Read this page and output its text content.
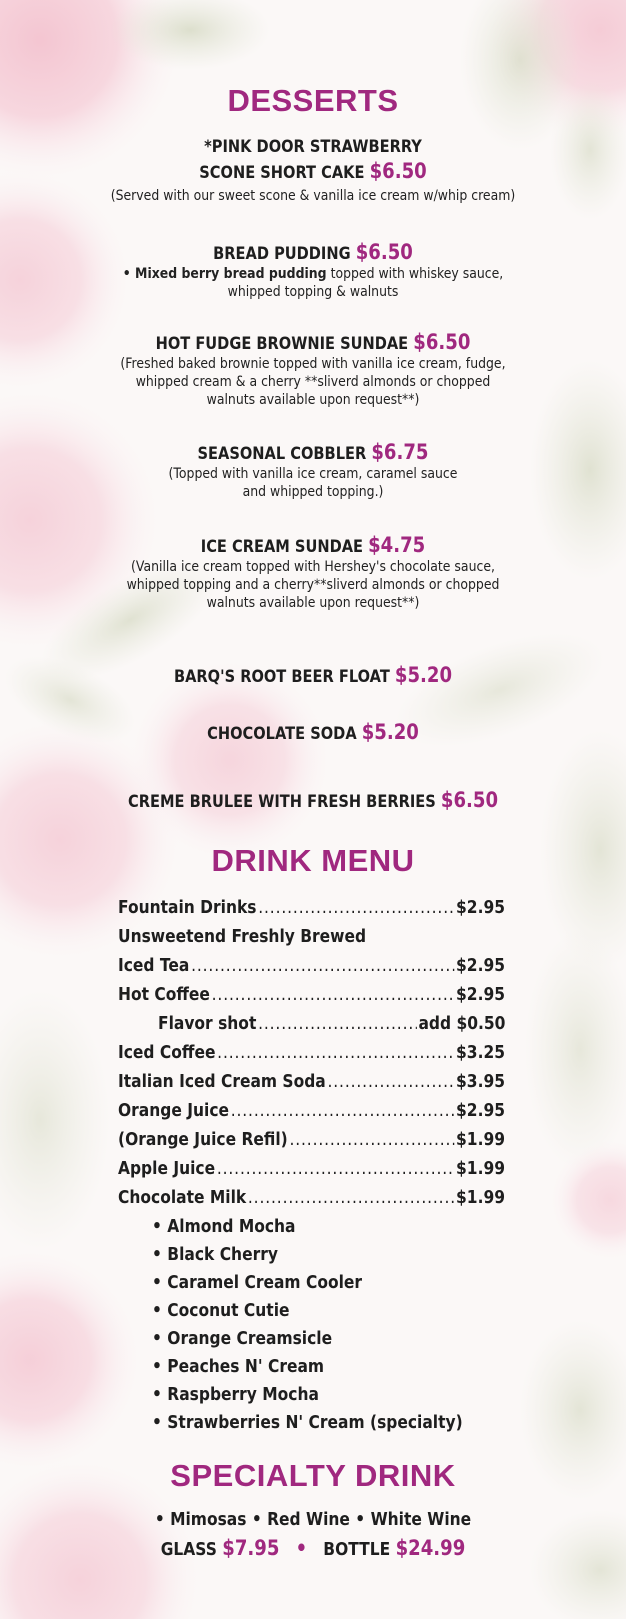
DESSERTS
*PINK DOOR STRAWBERRY
SCONE SHORT CAKE $6.50
(Served with our sweet scone & vanilla ice cream w/whip cream)
BREAD PUDDING $6.50
• Mixed berry bread pudding topped with whiskey sauce,
whipped topping & walnuts
HOT FUDGE BROWNIE SUNDAE $6.50
(Freshed baked brownie topped with vanilla ice cream, fudge,
whipped cream & a cherry **sliverd almonds or chopped
walnuts available upon request**)
SEASONAL COBBLER $6.75
(Topped with vanilla ice cream, caramel sauce
and whipped topping.)
ICE CREAM SUNDAE $4.75
(Vanilla ice cream topped with Hershey's chocolate sauce,
whipped topping and a cherry**sliverd almonds or chopped
walnuts available upon request**)
BARQ'S ROOT BEER FLOAT $5.20
CHOCOLATE SODA $5.20
CREME BRULEE WITH FRESH BERRIES $6.50
DRINK MENU
Fountain Drinks .....	$2.95
Unsweetend Freshly Brewed
Iced Tea .....	$2.95
Hot Coffee .....	$2.95
Flavor shot .....	add $0.50
Iced Coffee .....	$3.25
Italian Iced Cream Soda .....	$3.95
Orange Juice .....	$2.95
(Orange Juice Refil) .....	$1.99
Apple Juice .....	$1.99
Chocolate Milk .....	$1.99
• Almond Mocha
• Black Cherry
• Caramel Cream Cooler
• Coconut Cutie
• Orange Creamsicle
• Peaches N' Cream
• Raspberry Mocha
• Strawberries N' Cream (specialty)
SPECIALTY DRINK
• Mimosas • Red Wine • White Wine
GLASS $7.95 • BOTTLE $24.99
